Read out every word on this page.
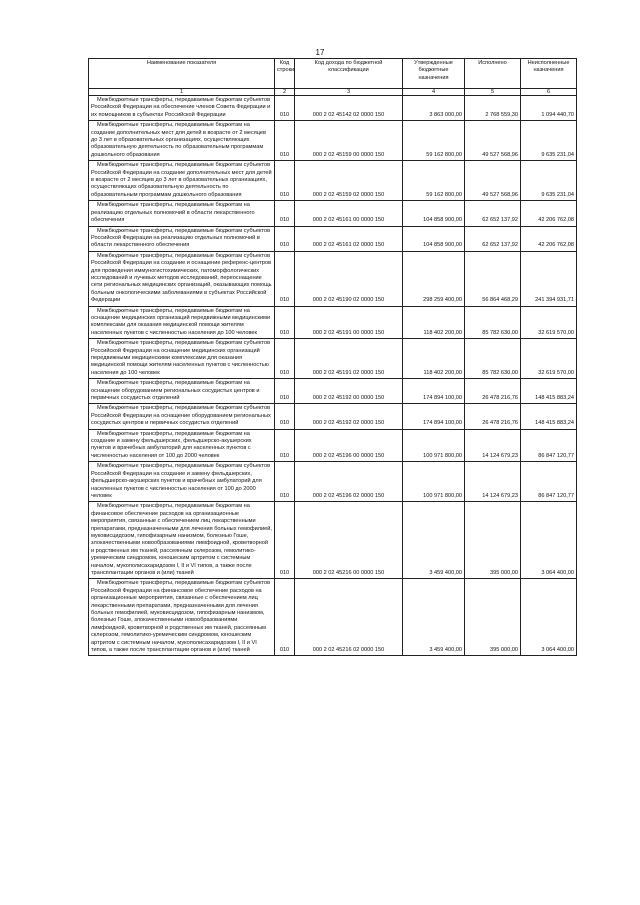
17
Наименование показателя	Код строки	Код дохода по бюджетной классификации	Утвержденные бюджетные назначения	Исполнено	Неисполненные назначения
1	2	3	4	5	6
Межбюджетные трансферты, передаваемые бюджетам субъектов Российской Федерации на обеспечение членов Совета Федерации и их помощников в субъектах Российской Федерации	010	000 2 02 45142 02 0000 150	3 863 000,00	2 768 559,30	1 094 440,70
Межбюджетные трансферты, передаваемые бюджетам на создание дополнительных мест для детей в возрасте от 2 месяцев до 3 лет в образовательных организациях, осуществляющих образовательную деятельность по образовательным программам дошкольного образования	010	000 2 02 45159 00 0000 150	59 162 800,00	49 527 568,96	9 635 231,04
Межбюджетные трансферты, передаваемые бюджетам субъектов Российской Федерации на создание дополнительных мест для детей в возрасте от 2 месяцев до 3 лет в образовательных организациях, осуществляющих образовательную деятельность по образовательным программам дошкольного образования	010	000 2 02 45159 02 0000 150	59 162 800,00	49 527 568,96	9 635 231,04
Межбюджетные трансферты, передаваемые бюджетам на реализацию отдельных полномочий в области лекарственного обеспечения	010	000 2 02 45161 00 0000 150	104 858 900,00	62 652 137,92	42 206 762,08
Межбюджетные трансферты, передаваемые бюджетам субъектов Российской Федерации на реализацию отдельных полномочий в области лекарственного обеспечения	010	000 2 02 45161 02 0000 150	104 858 900,00	62 652 137,92	42 206 762,08
Межбюджетные трансферты, передаваемые бюджетам субъектов Российской Федерации на создание и оснащение референс-центров для проведения иммуногистохимических, патоморфологических исследований и лучевых методов исследований, переоснащение сети региональных медицинских организаций, оказывающих помощь больным онкологическими заболеваниями в субъектах Российской Федерации	010	000 2 02 45190 02 0000 150	298 259 400,00	56 864 468,29	241 394 931,71
Межбюджетные трансферты, передаваемые бюджетам на оснащение медицинских организаций передвижными медицинскими комплексами для оказания медицинской помощи жителям населенных пунктов с численностью населения до 100 человек	010	000 2 02 45191 00 0000 150	118 402 200,00	85 782 630,00	32 619 570,00
Межбюджетные трансферты, передаваемые бюджетам субъектов Российской Федерации на оснащение медицинских организаций передвижными медицинскими комплексами для оказания медицинской помощи жителям населенных пунктов с численностью населения до 100 человек	010	000 2 02 45191 02 0000 150	118 402 200,00	85 782 630,00	32 619 570,00
Межбюджетные трансферты, передаваемые бюджетам на оснащение оборудованием региональных сосудистых центров и первичных сосудистых отделений	010	000 2 02 45192 00 0000 150	174 894 100,00	26 478 216,76	148 415 883,24
Межбюджетные трансферты, передаваемые бюджетам субъектов Российской Федерации на оснащение оборудованием региональных сосудистых центров и первичных сосудистых отделений	010	000 2 02 45192 02 0000 150	174 894 100,00	26 478 216,76	148 415 883,24
Межбюджетные трансферты, передаваемые бюджетам на создание и замену фельдшерских, фельдшерско-акушерских пунктов и врачебных амбулаторий для населенных пунктов с численностью населения от 100 до 2000 человек	010	000 2 02 45196 00 0000 150	100 971 800,00	14 124 679,23	86 847 120,77
Межбюджетные трансферты, передаваемые бюджетам субъектов Российской Федерации на создание и замену фельдшерских, фельдшерско-акушерских пунктов и врачебных амбулаторий для населенных пунктов с численностью населения от 100 до 2000 человек	010	000 2 02 45196 02 0000 150	100 971 800,00	14 124 679,23	86 847 120,77
Межбюджетные трансферты, передаваемые бюджетам на финансовое обеспечение расходов на организационные мероприятия, связанные с обеспечением лиц лекарственными препаратами, предназначенными для лечения больных гемофилией, муковисцидозом, гипофизарным нанизмом, болезнью Гоше, злокачественными новообразованиями лимфоидной, кроветворной и родственных им тканей, рассеянным склерозом, гемолитико-уремическим синдромом, юношеским артритом с системным началом, мукополисахаридозом I, II и VI типов, а также после трансплантации органов и (или) тканей	010	000 2 02 45216 00 0000 150	3 459 400,00	395 000,00	3 064 400,00
Межбюджетные трансферты, передаваемые бюджетам субъектов Российской Федерации на финансовое обеспечение расходов на организационные мероприятия, связанные с обеспечением лиц лекарственными препаратами, предназначенными для лечения больных гемофилией, муковисцидозом, гипофизарным нанизмом, болезнью Гоше, злокачественными новообразованиями лимфоидной, кроветворной и родственных им тканей, рассеянным склерозом, гемолитико-уремическим синдромом, юношеским артритом с системным началом, мукополисахаридозом I, II и VI типов, а также после трансплантации органов и (или) тканей	010	000 2 02 45216 02 0000 150	3 459 400,00	395 000,00	3 064 400,00
